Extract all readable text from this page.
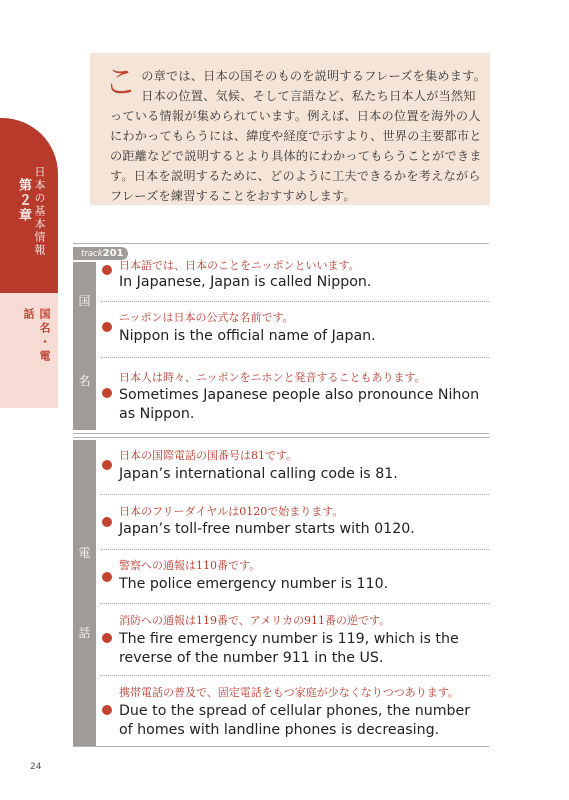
この章では、日本の国そのものを説明するフレーズを集めます。日本の位置、気候、そして言語など、私たち日本人が当然知っている情報が集められています。例えば、日本の位置を海外の人にわかってもらうには、緯度や経度で示すより、世界の主要都市との距離などで説明するとより具体的にわかってもらうことができます。日本を説明するために、どのように工夫できるかを考えながらフレーズを練習することをおすすめします。
日本の基本情報
第２章
国名・電話
track201
国
名
電
話
日本語では、日本のことをニッポンといいます。
In Japanese, Japan is called Nippon.
ニッポンは日本の公式な名前です。
Nippon is the official name of Japan.
日本人は時々、ニッポンをニホンと発音することもあります。
Sometimes Japanese people also pronounce Nihon as Nippon.
日本の国際電話の国番号は81です。
Japan’s international calling code is 81.
日本のフリーダイヤルは0120で始まります。
Japan’s toll-free number starts with 0120.
警察への通報は110番です。
The police emergency number is 110.
消防への通報は119番で、アメリカの911番の逆です。
The fire emergency number is 119, which is the reverse of the number 911 in the US.
携帯電話の普及で、固定電話をもつ家庭が少なくなりつつあります。
Due to the spread of cellular phones, the number of homes with landline phones is decreasing.
24
